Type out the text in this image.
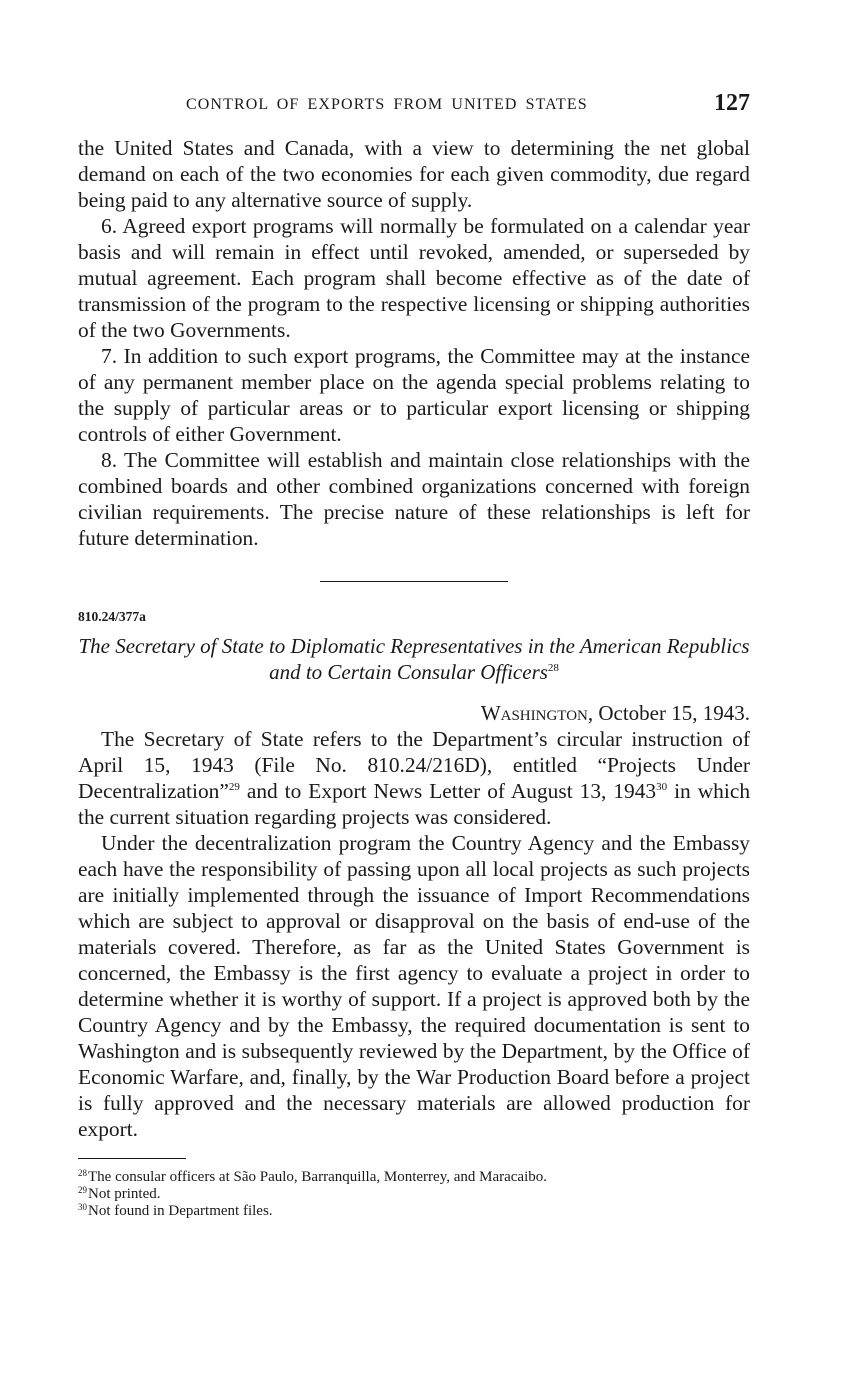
CONTROL OF EXPORTS FROM UNITED STATES	127

the United States and Canada, with a view to determining the net global demand on each of the two economies for each given commodity, due regard being paid to any alternative source of supply.

6. Agreed export programs will normally be formulated on a calendar year basis and will remain in effect until revoked, amended, or superseded by mutual agreement. Each program shall become effective as of the date of transmission of the program to the respective licensing or shipping authorities of the two Governments.

7. In addition to such export programs, the Committee may at the instance of any permanent member place on the agenda special problems relating to the supply of particular areas or to particular export licensing or shipping controls of either Government.

8. The Committee will establish and maintain close relationships with the combined boards and other combined organizations concerned with foreign civilian requirements. The precise nature of these relationships is left for future determination.

810.24/377a
The Secretary of State to Diplomatic Representatives in the American Republics and to Certain Consular Officers$^{28}$
Washington, October 15, 1943.

The Secretary of State refers to the Department’s circular instruction of April 15, 1943 (File No. 810.24/216D), entitled “Projects Under Decentralization”$^{29}$ and to Export News Letter of August 13, 1943$^{30}$ in which the current situation regarding projects was considered.

Under the decentralization program the Country Agency and the Embassy each have the responsibility of passing upon all local projects as such projects are initially implemented through the issuance of Import Recommendations which are subject to approval or disapproval on the basis of end-use of the materials covered. Therefore, as far as the United States Government is concerned, the Embassy is the first agency to evaluate a project in order to determine whether it is worthy of support. If a project is approved both by the Country Agency and by the Embassy, the required documentation is sent to Washington and is subsequently reviewed by the Department, by the Office of Economic Warfare, and, finally, by the War Production Board before a project is fully approved and the necessary materials are allowed production for export.

$^{28}$The consular officers at São Paulo, Barranquilla, Monterrey, and Maracaibo.
$^{29}$Not printed.
$^{30}$Not found in Department files.
